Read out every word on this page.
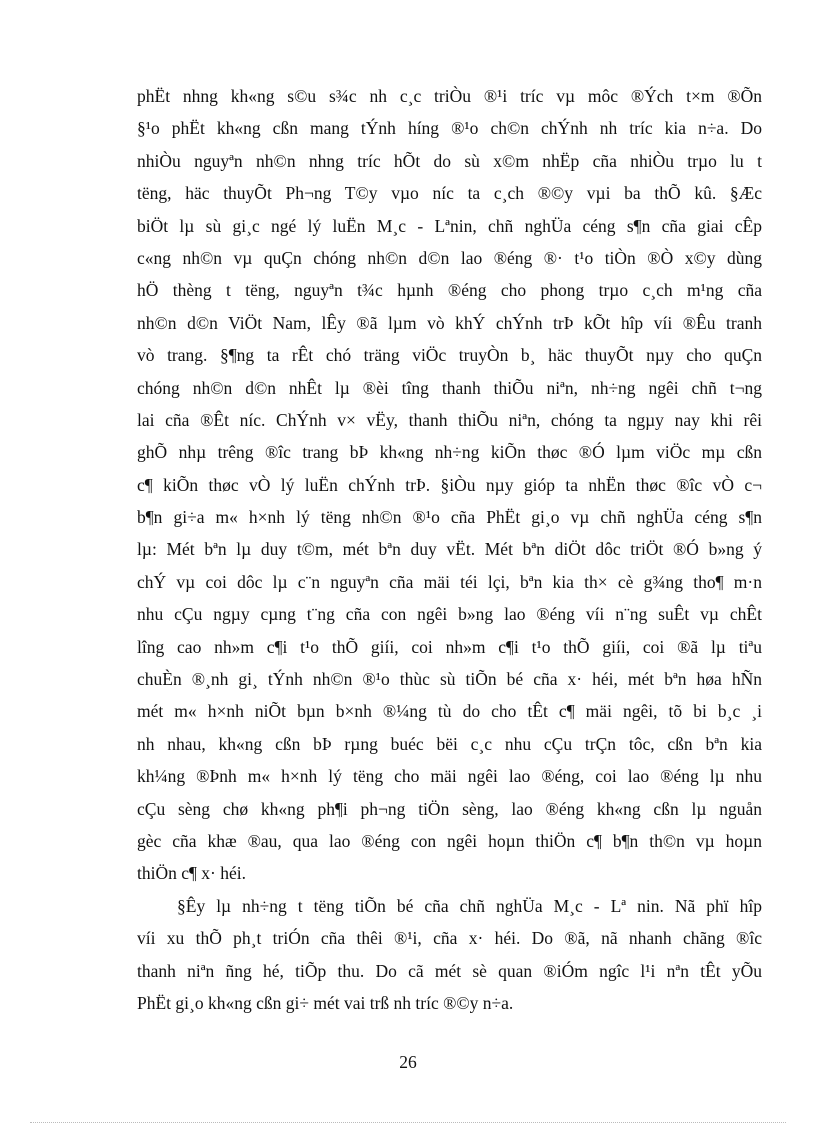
phËt nhng kh«ng s©u s¾c nh c¸c triÒu ®¹i tríc vµ môc ®Ých t×m ®Õn
§¹o phËt kh«ng cßn mang tÝnh híng ®¹o ch©n chÝnh nh tríc kia n÷a. Do
nhiÒu nguyªn nh©n nhng tríc hÕt do sù x©m nhËp cña nhiÒu trµo lu t
tëng, häc thuyÕt Ph¬ng T©y vµo níc ta c¸ch ®©y vµi ba thÕ kû. §Æc
biÖt lµ sù gi¸c ngé lý luËn M¸c - Lªnin, chñ nghÜa céng s¶n cña giai cÊp
c«ng nh©n vµ quÇn chóng nh©n d©n lao ®éng ®· t¹o tiÒn ®Ò x©y dùng
hÖ thèng t tëng, nguyªn t¾c hµnh ®éng cho phong trµo c¸ch m¹ng cña
nh©n d©n ViÖt Nam, lÊy ®ã lµm vò khÝ chÝnh trÞ kÕt hîp víi ®Êu tranh
vò trang. §¶ng ta rÊt chó träng viÖc truyÒn b¸ häc thuyÕt nµy cho quÇn
chóng nh©n d©n nhÊt lµ ®èi tîng thanh thiÕu niªn, nh÷ng ngêi chñ t¬ng
lai cña ®Êt níc. ChÝnh v× vËy, thanh thiÕu niªn, chóng ta ngµy nay khi rêi
ghÕ nhµ trêng ®îc trang bÞ kh«ng nh÷ng kiÕn thøc ®Ó lµm viÖc mµ cßn
c¶ kiÕn thøc vÒ lý luËn chÝnh trÞ. §iÒu nµy gióp ta nhËn thøc ®îc vÒ c¬
b¶n gi÷a m« h×nh lý tëng nh©n ®¹o cña PhËt gi¸o vµ chñ nghÜa céng s¶n
lµ: Mét bªn lµ duy t©m, mét bªn duy vËt. Mét bªn diÖt dôc triÖt ®Ó b»ng ý
chÝ vµ coi dôc lµ c¨n nguyªn cña mäi téi lçi, bªn kia th× cè g¾ng tho¶ m·n
nhu cÇu ngµy cµng t¨ng cña con ngêi b»ng lao ®éng víi n¨ng suÊt vµ chÊt
lîng cao nh»m c¶i t¹o thÕ giíi, coi nh»m c¶i t¹o thÕ giíi, coi ®ã lµ tiªu
chuÈn ®¸nh gi¸ tÝnh nh©n ®¹o thùc sù tiÕn bé cña x· héi, mét bªn høa hÑn
mét m« h×nh niÕt bµn b×nh ®¼ng tù do cho tÊt c¶ mäi ngêi, tõ bi b¸c ¸i
nh nhau, kh«ng cßn bÞ rµng buéc bëi c¸c nhu cÇu trÇn tôc, cßn bªn kia
kh¼ng ®Þnh m« h×nh lý tëng cho mäi ngêi lao ®éng, coi lao ®éng lµ nhu
cÇu sèng chø kh«ng ph¶i ph¬ng tiÖn sèng, lao ®éng kh«ng cßn lµ nguån
gèc cña khæ ®au, qua lao ®éng con ngêi hoµn thiÖn c¶ b¶n th©n vµ hoµn
thiÖn c¶ x· héi.
§Êy lµ nh÷ng t tëng tiÕn bé cña chñ nghÜa M¸c - Lª nin. Nã phï hîp
víi xu thÕ ph¸t triÓn cña thêi ®¹i, cña x· héi. Do ®ã, nã nhanh chãng ®îc
thanh niªn ñng hé, tiÕp thu. Do cã mét sè quan ®iÓm ngîc l¹i nªn tÊt yÕu
PhËt gi¸o kh«ng cßn gi÷ mét vai trß nh tríc ®©y n÷a.
26
